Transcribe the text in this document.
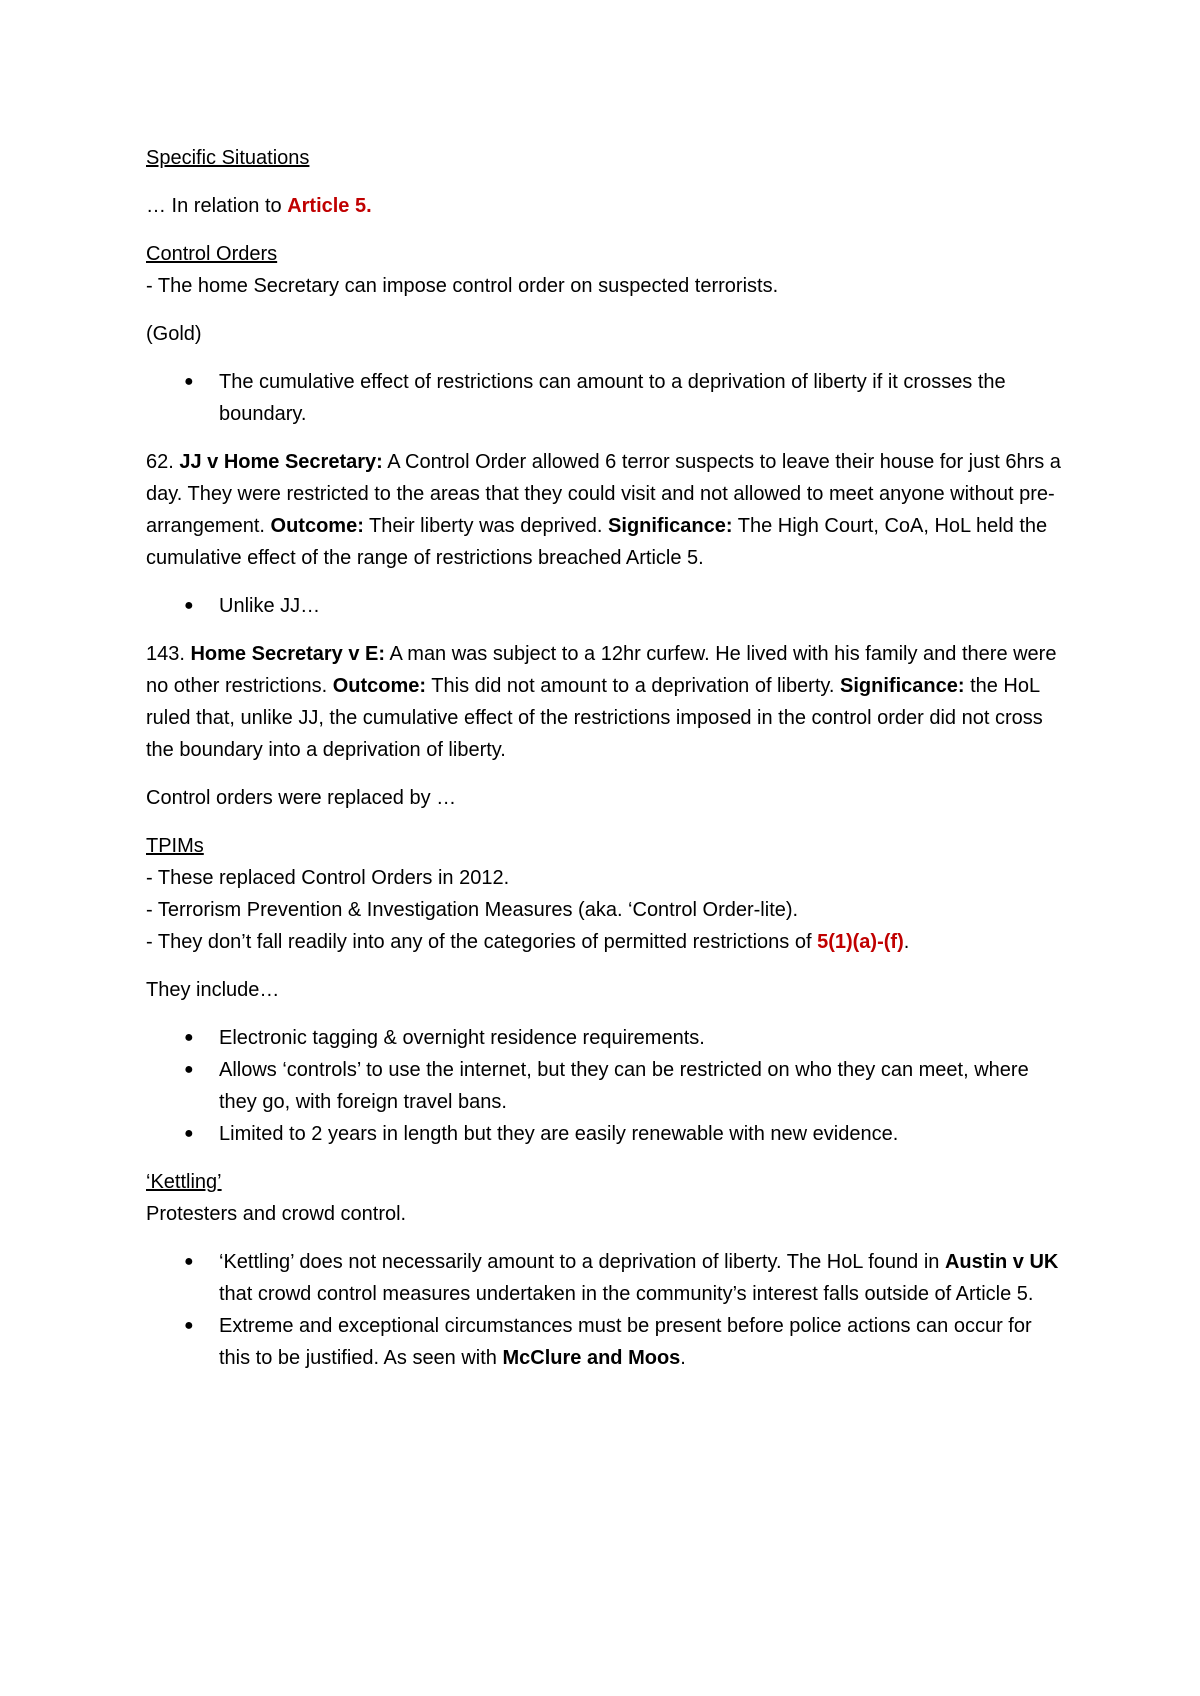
Specific Situations

… In relation to Article 5.

Control Orders

- The home Secretary can impose control order on suspected terrorists.

(Gold)

● The cumulative effect of restrictions can amount to a deprivation of liberty if it crosses the boundary.

62. JJ v Home Secretary: A Control Order allowed 6 terror suspects to leave their house for just 6hrs a day. They were restricted to the areas that they could visit and not allowed to meet anyone without pre-arrangement. Outcome: Their liberty was deprived. Significance: The High Court, CoA, HoL held the cumulative effect of the range of restrictions breached Article 5.

● Unlike JJ…

143. Home Secretary v E: A man was subject to a 12hr curfew. He lived with his family and there were no other restrictions. Outcome: This did not amount to a deprivation of liberty. Significance: the HoL ruled that, unlike JJ, the cumulative effect of the restrictions imposed in the control order did not cross the boundary into a deprivation of liberty.

Control orders were replaced by …

TPIMs

- These replaced Control Orders in 2012.

- Terrorism Prevention & Investigation Measures (aka. ‘Control Order-lite).

- They don’t fall readily into any of the categories of permitted restrictions of 5(1)(a)-(f).

They include…

● Electronic tagging & overnight residence requirements.
● Allows ‘controls’ to use the internet, but they can be restricted on who they can meet, where they go, with foreign travel bans.
● Limited to 2 years in length but they are easily renewable with new evidence.

‘Kettling’

Protesters and crowd control.

● ‘Kettling’ does not necessarily amount to a deprivation of liberty. The HoL found in Austin v UK that crowd control measures undertaken in the community’s interest falls outside of Article 5.
● Extreme and exceptional circumstances must be present before police actions can occur for this to be justified. As seen with McClure and Moos.
